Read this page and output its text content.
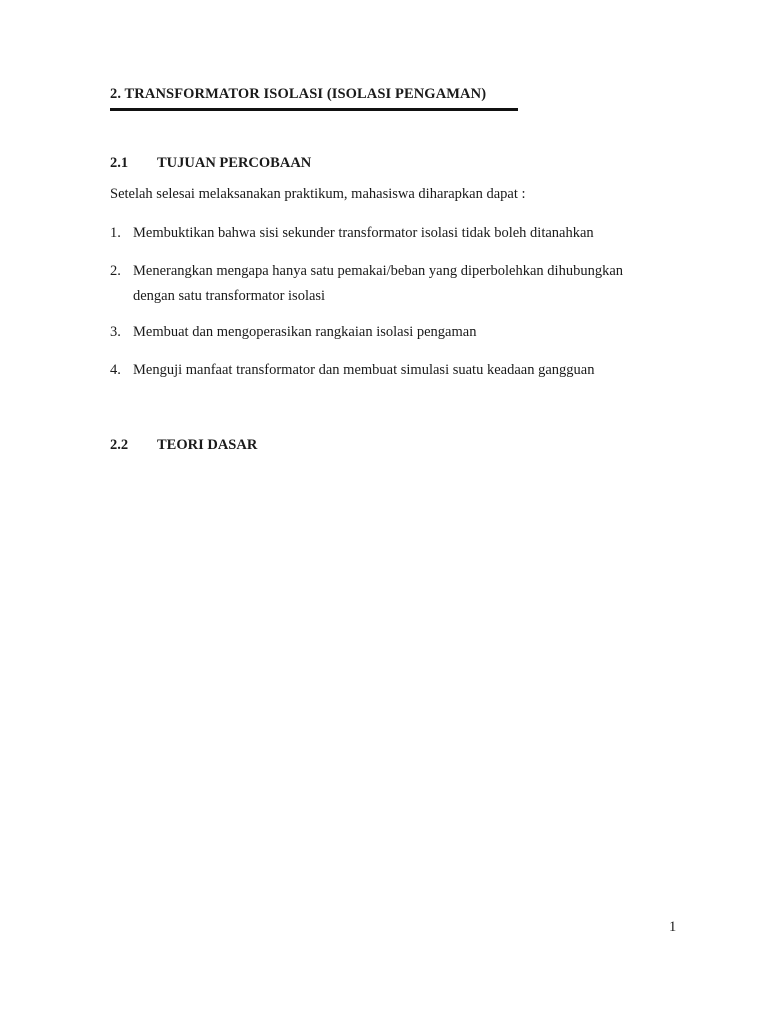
2. TRANSFORMATOR ISOLASI (ISOLASI PENGAMAN)
2.1 TUJUAN PERCOBAAN
Setelah selesai melaksanakan praktikum, mahasiswa diharapkan dapat :
1. Membuktikan bahwa sisi sekunder transformator isolasi tidak boleh ditanahkan
2. Menerangkan mengapa hanya satu pemakai/beban yang diperbolehkan dihubungkan
dengan satu transformator isolasi
3. Membuat dan mengoperasikan rangkaian isolasi pengaman
4. Menguji manfaat transformator dan membuat simulasi suatu keadaan gangguan
2.2 TEORI DASAR
1
